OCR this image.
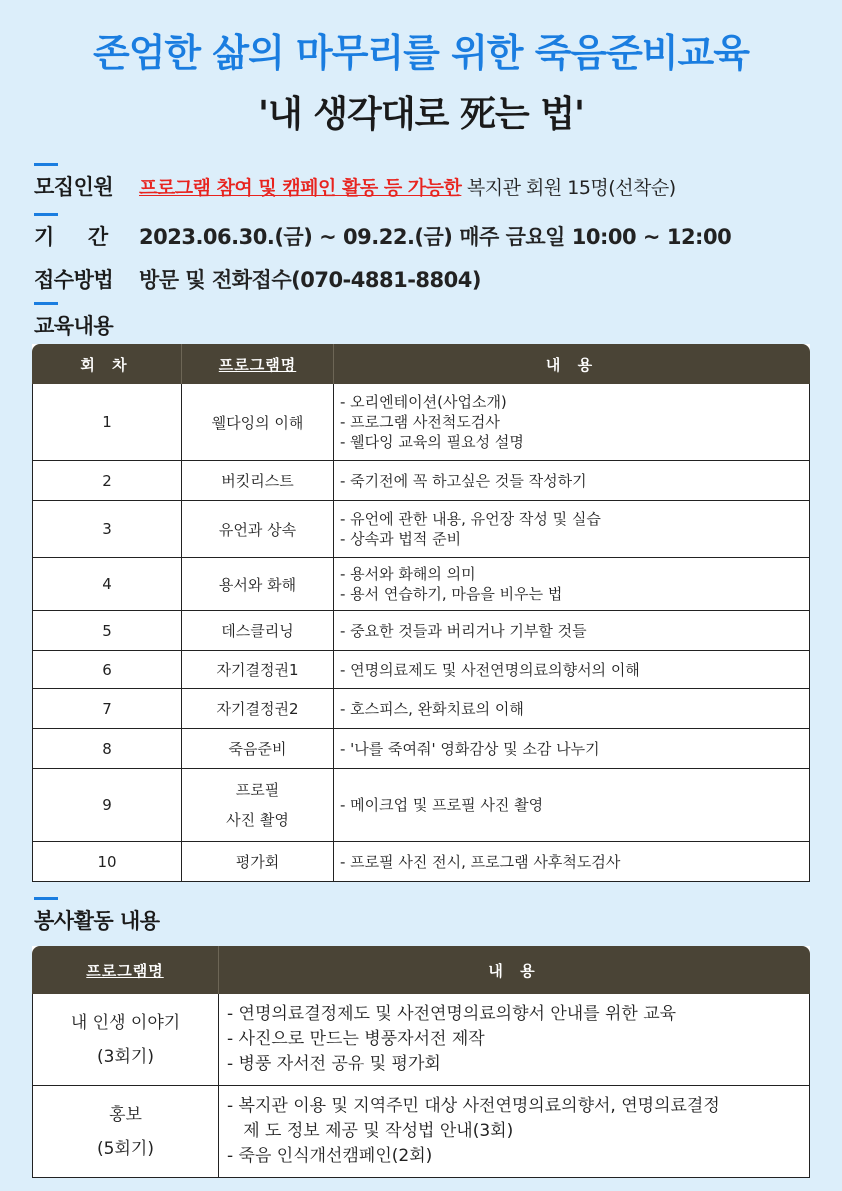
존엄한 삶의 마무리를 위한 죽음준비교육
'내 생각대로 死는 법'
모집인원	프로그램 참여 및 캠페인 활동 등 가능한 복지관 회원 15명(선착순)
기     간	2023.06.30.(금) ~ 09.22.(금) 매주 금요일 10:00 ~ 12:00
접수방법	방문 및 전화접수(070-4881-8804)
교육내용
회 차	프로그램명	내 용
1	웰다잉의 이해	- 오리엔테이션(사업소개)
- 프로그램 사전척도검사
- 웰다잉 교육의 필요성 설명

2	버킷리스트	- 죽기전에 꼭 하고싶은 것들 작성하기

3	유언과 상속	- 유언에 관한 내용, 유언장 작성 및 실습
- 상속과 법적 준비

4	용서와 화해	- 용서와 화해의 의미
- 용서 연습하기, 마음을 비우는 법

5	데스클리닝	- 중요한 것들과 버리거나 기부할 것들

6	자기결정권1	- 연명의료제도 및 사전연명의료의향서의 이해

7	자기결정권2	- 호스피스, 완화치료의 이해

8	죽음준비	- '나를 죽여줘' 영화감상 및 소감 나누기

9	프로필
사진 촬영	- 메이크업 및 프로필 사진 촬영

10	평가회	- 프로필 사진 전시, 프로그램 사후척도검사
봉사활동 내용
프로그램명	내 용

내 인생 이야기
(3회기)	- 연명의료결정제도 및 사전연명의료의향서 안내를 위한 교육
- 사진으로 만드는 병풍자서전 제작
- 병풍 자서전 공유 및 평가회

홍보
(5회기)	- 복지관 이용 및 지역주민 대상 사전연명의료의향서, 연명의료결정
제 도 정보 제공 및 작성법 안내(3회)
- 죽음 인식개선캠페인(2회)
